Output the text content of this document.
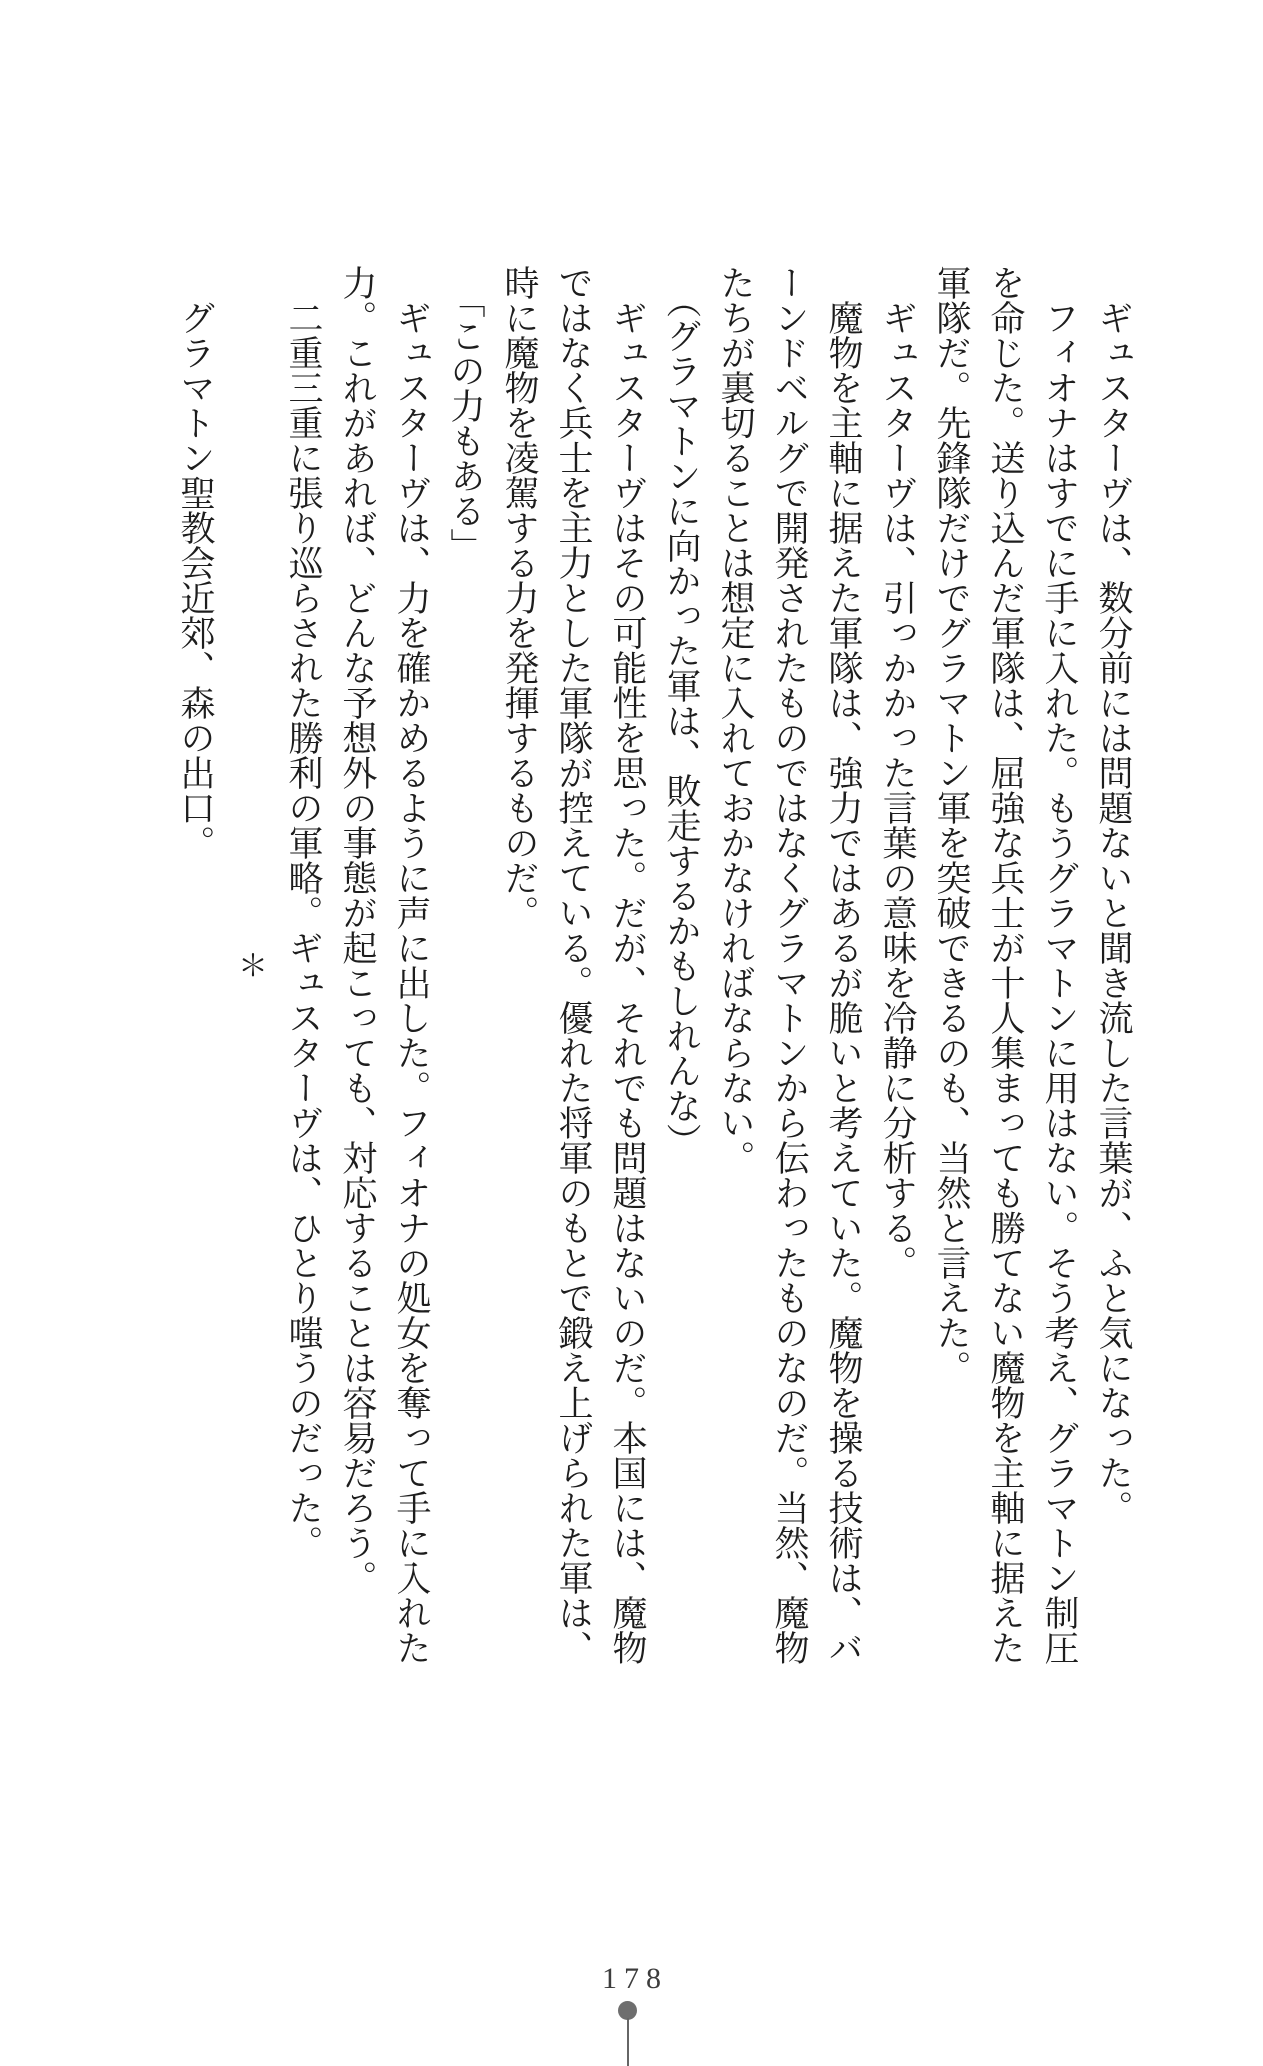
ギュスターヴは、数分前には問題ないと聞き流した言葉が、ふと気になった。
フィオナはすでに手に入れた。もうグラマトンに用はない。そう考え、グラマトン制圧
を命じた。送り込んだ軍隊は、屈強な兵士が十人集まっても勝てない魔物を主軸に据えた
軍隊だ。先鋒隊だけでグラマトン軍を突破できるのも、当然と言えた。
ギュスターヴは、引っかかった言葉の意味を冷静に分析する。
魔物を主軸に据えた軍隊は、強力ではあるが脆いと考えていた。魔物を操る技術は、バ
ーンドベルグで開発されたものではなくグラマトンから伝わったものなのだ。当然、魔物
たちが裏切ることは想定に入れておかなければならない。
（グラマトンに向かった軍は、敗走するかもしれんな）
ギュスターヴはその可能性を思った。だが、それでも問題はないのだ。本国には、魔物
ではなく兵士を主力とした軍隊が控えている。優れた将軍のもとで鍛え上げられた軍は、
時に魔物を凌駕する力を発揮するものだ。
「この力もある」
ギュスターヴは、力を確かめるように声に出した。フィオナの処女を奪って手に入れた
力。これがあれば、どんな予想外の事態が起こっても、対応することは容易だろう。
二重三重に張り巡らされた勝利の軍略。ギュスターヴは、ひとり嗤うのだった。
＊
グラマトン聖教会近郊、森の出口。
178
